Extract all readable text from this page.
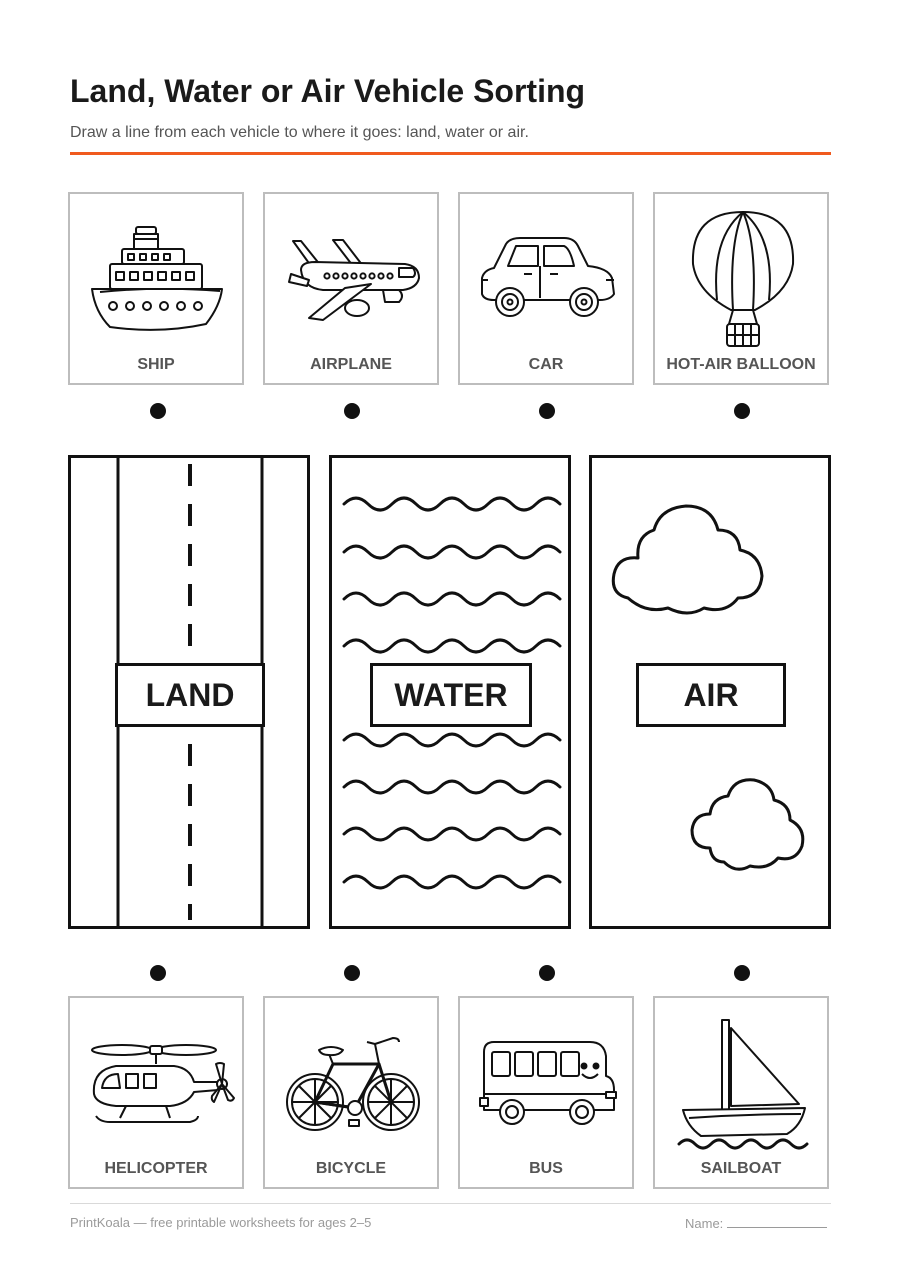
Land, Water or Air Vehicle Sorting

Draw a line from each vehicle to where it goes: land, water or air.

SHIP	AIRPLANE	CAR	HOT-AIR BALLOON
LAND	WATER	AIR
HELICOPTER	BICYCLE	BUS	SAILBOAT
PrintKoala — free printable worksheets for ages 2–5	Name:
